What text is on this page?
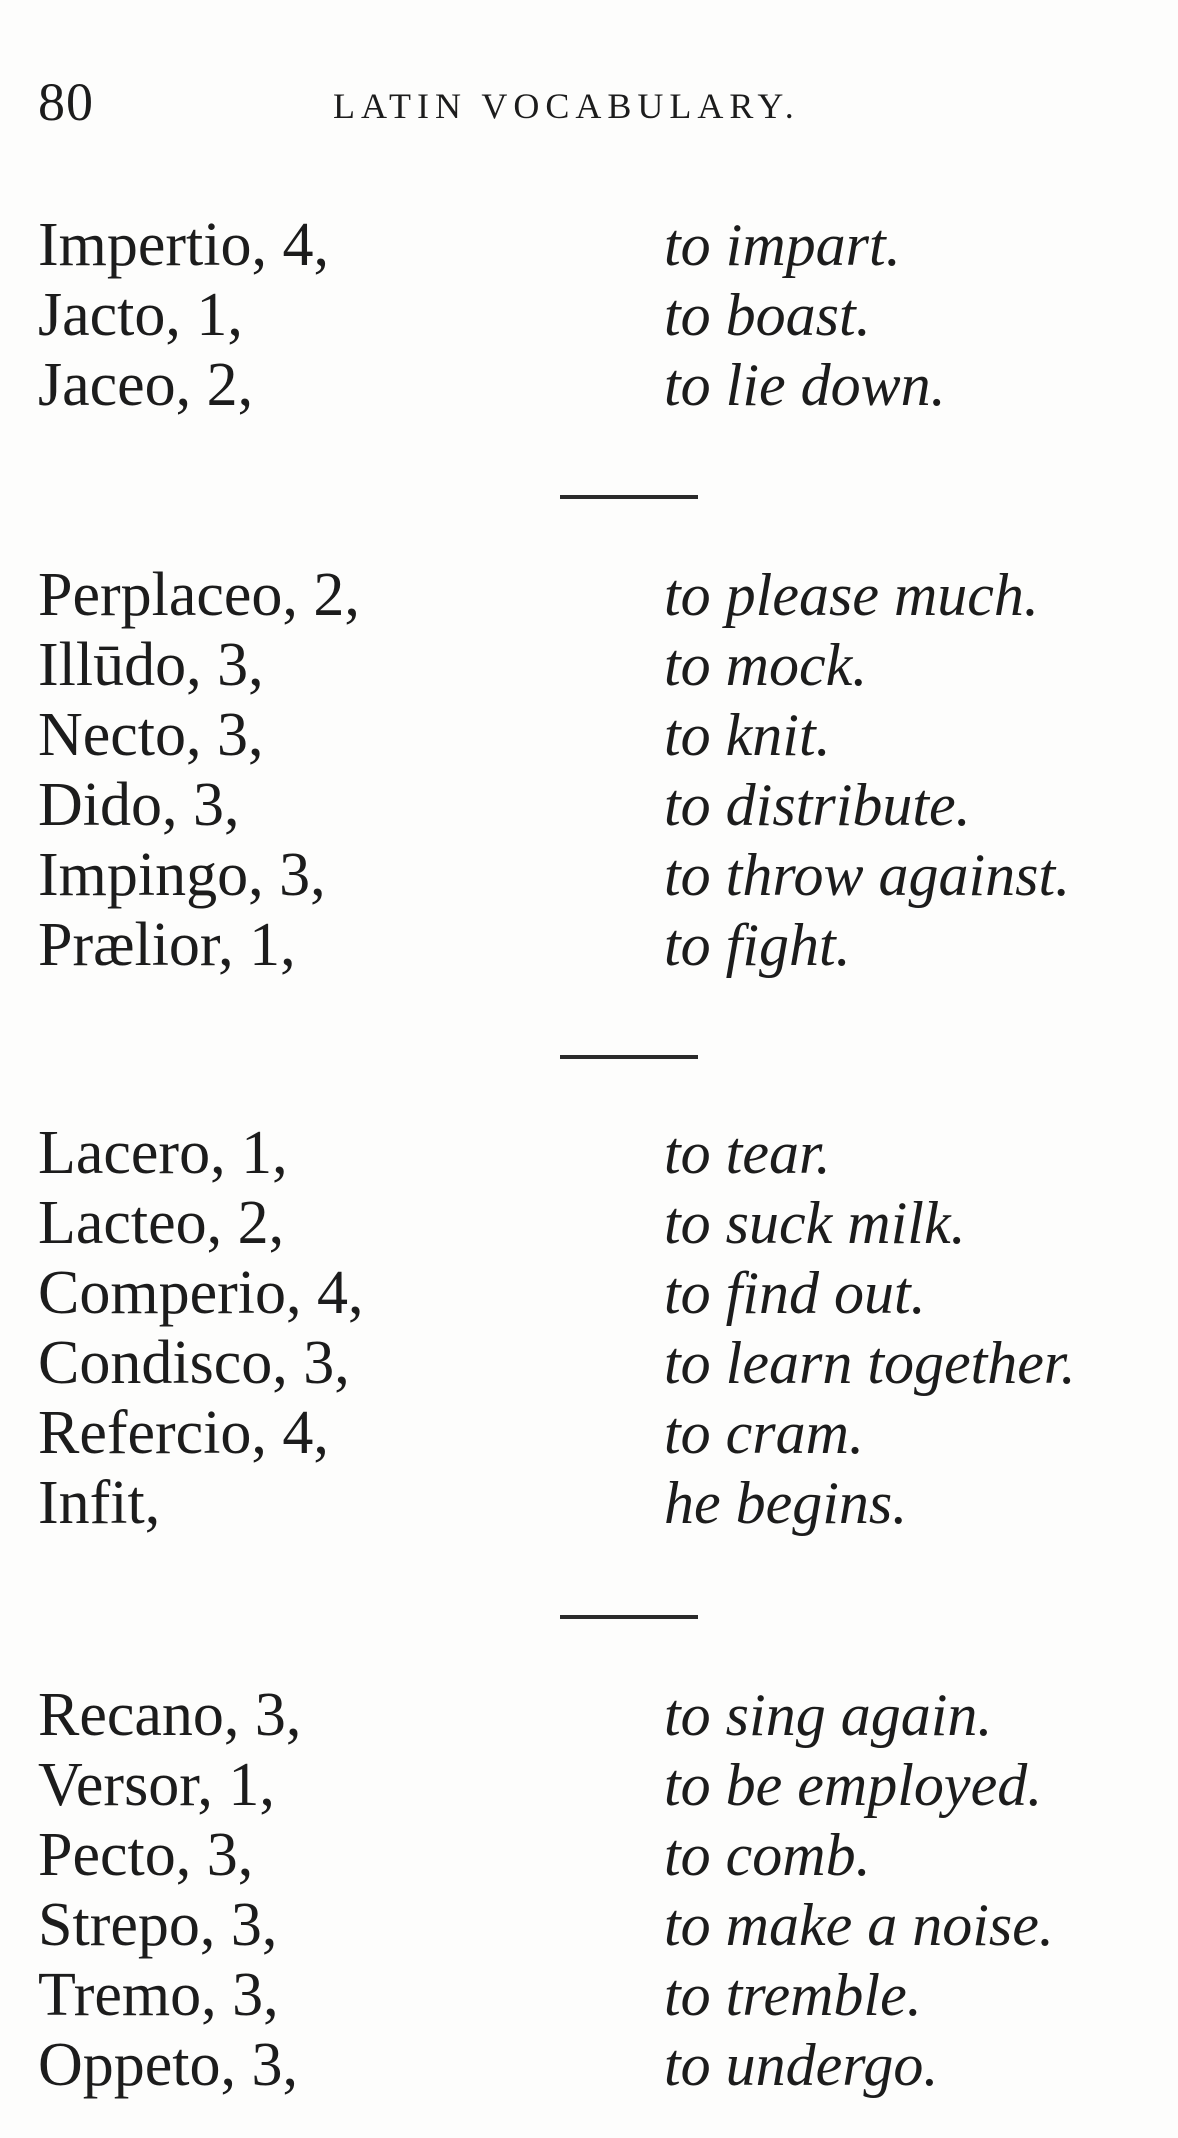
80	LATIN VOCABULARY.
Impertio, 4,	to impart.
Jacto, 1,	to boast.
Jaceo, 2,	to lie down.
Perplaceo, 2,	to please much.
Illūdo, 3,	to mock.
Necto, 3,	to knit.
Dido, 3,	to distribute.
Impingo, 3,	to throw against.
Prælior, 1,	to fight.
Lacero, 1,	to tear.
Lacteo, 2,	to suck milk.
Comperio, 4,	to find out.
Condisco, 3,	to learn together.
Refercio, 4,	to cram.
Infit,	he begins.
Recano, 3,	to sing again.
Versor, 1,	to be employed.
Pecto, 3,	to comb.
Strepo, 3,	to make a noise.
Tremo, 3,	to tremble.
Oppeto, 3,	to undergo.
